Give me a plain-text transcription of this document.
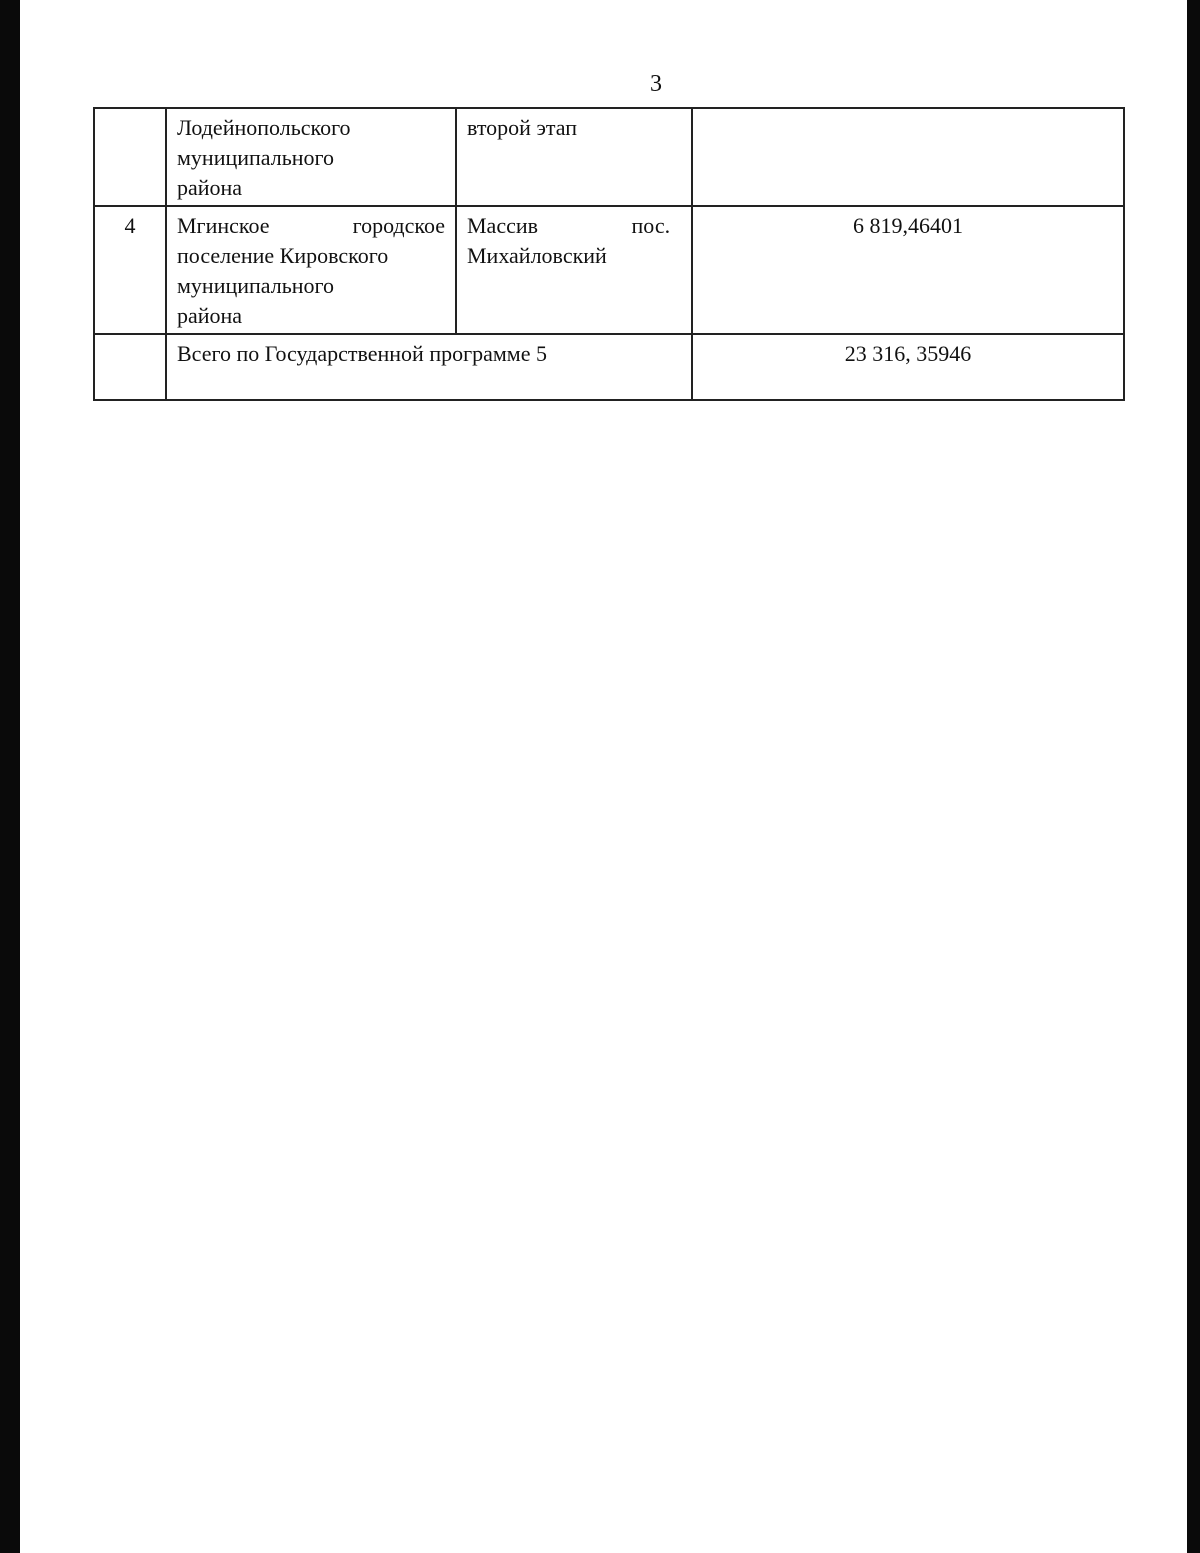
3

	Лодейнопольского
муниципального
района	второй этап	

4	Мгинское городское
поселение Кировского
муниципального
района	Массив пос.
Михайловский	6 819,46401
	Всего по Государственной программе 5		23 316, 35946
